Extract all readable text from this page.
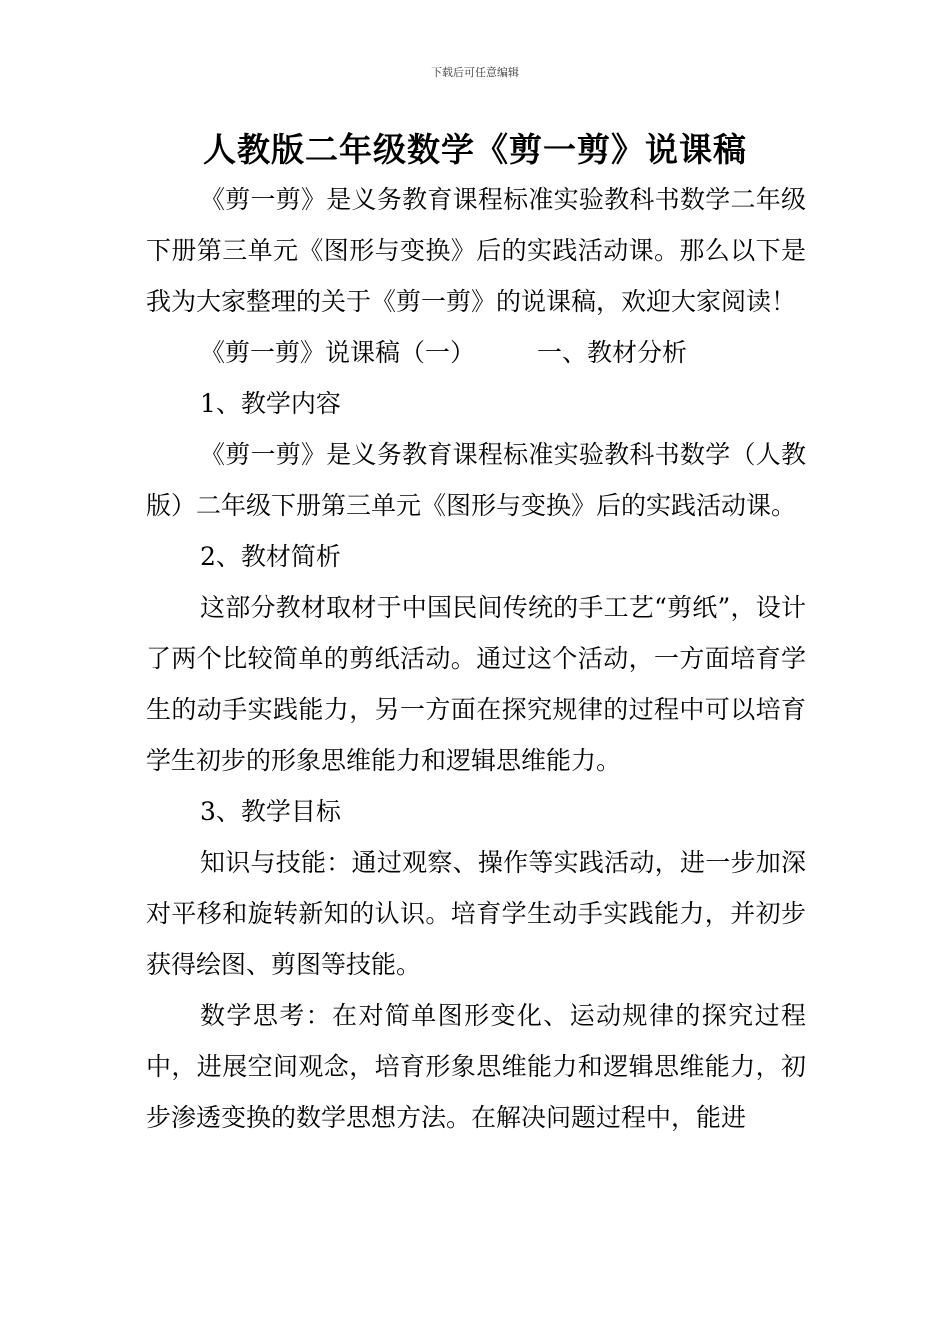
下载后可任意编辑
人教版二年级数学《剪一剪》说课稿

《剪一剪》是义务教育课程标准实验教科书数学二年级下册第三单元《图形与变换》后的实践活动课。那么以下是我为大家整理的关于《剪一剪》的说课稿，欢迎大家阅读！

《剪一剪》说课稿（一） 一、教材分析

1、教学内容

《剪一剪》是义务教育课程标准实验教科书数学（人教版）二年级下册第三单元《图形与变换》后的实践活动课。

2、教材简析

这部分教材取材于中国民间传统的手工艺“剪纸”，设计了两个比较简单的剪纸活动。通过这个活动，一方面培育学生的动手实践能力，另一方面在探究规律的过程中可以培育学生初步的形象思维能力和逻辑思维能力。

3、教学目标

知识与技能：通过观察、操作等实践活动，进一步加深对平移和旋转新知的认识。培育学生动手实践能力，并初步获得绘图、剪图等技能。

数学思考：在对简单图形变化、运动规律的探究过程中，进展空间观念，培育形象思维能力和逻辑思维能力，初步渗透变换的数学思想方法。在解决问题过程中，能进
